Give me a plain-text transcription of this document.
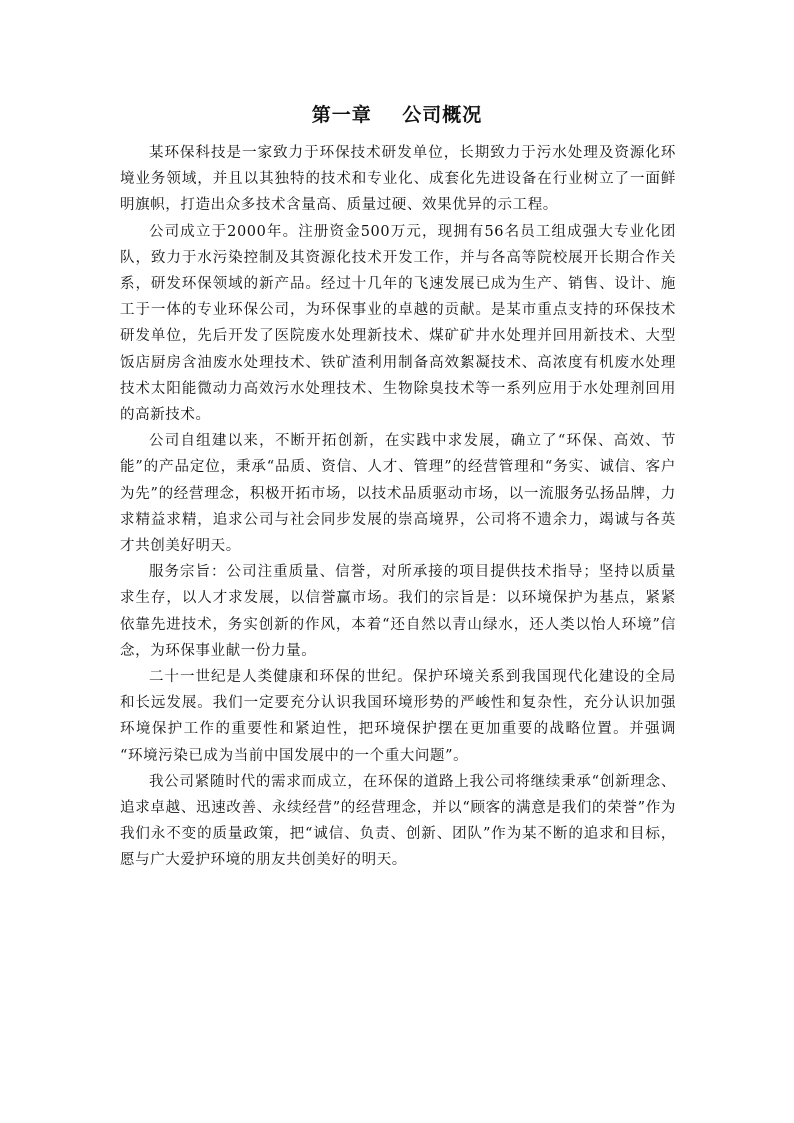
第一章    公司概况

某环保科技是一家致力于环保技术研发单位，长期致力于污水处理及资源化环境业务领域，并且以其独特的技术和专业化、成套化先进设备在行业树立了一面鲜明旗帜，打造出众多技术含量高、质量过硬、效果优异的示工程。

公司成立于2000年。注册资金500万元，现拥有56名员工组成强大专业化团队，致力于水污染控制及其资源化技术开发工作，并与各高等院校展开长期合作关系，研发环保领域的新产品。经过十几年的飞速发展已成为生产、销售、设计、施工于一体的专业环保公司，为环保事业的卓越的贡献。是某市重点支持的环保技术研发单位，先后开发了医院废水处理新技术、煤矿矿井水处理并回用新技术、大型饭店厨房含油废水处理技术、铁矿渣利用制备高效絮凝技术、高浓度有机废水处理技术太阳能微动力高效污水处理技术、生物除臭技术等一系列应用于水处理剂回用的高新技术。

公司自组建以来，不断开拓创新，在实践中求发展，确立了“环保、高效、节能”的产品定位，秉承“品质、资信、人才、管理”的经营管理和“务实、诚信、客户为先”的经营理念，积极开拓市场，以技术品质驱动市场，以一流服务弘扬品牌，力求精益求精，追求公司与社会同步发展的崇高境界，公司将不遗余力，竭诚与各英才共创美好明天。

服务宗旨：公司注重质量、信誉，对所承接的项目提供技术指导；坚持以质量求生存，以人才求发展，以信誉赢市场。我们的宗旨是：以环境保护为基点，紧紧依靠先进技术，务实创新的作风，本着“还自然以青山绿水，还人类以怡人环境”信念，为环保事业献一份力量。

二十一世纪是人类健康和环保的世纪。保护环境关系到我国现代化建设的全局和长远发展。我们一定要充分认识我国环境形势的严峻性和复杂性，充分认识加强环境保护工作的重要性和紧迫性，把环境保护摆在更加重要的战略位置。并强调 “环境污染已成为当前中国发展中的一个重大问题”。

我公司紧随时代的需求而成立，在环保的道路上我公司将继续秉承“创新理念、追求卓越、迅速改善、永续经营”的经营理念，并以“顾客的满意是我们的荣誉”作为我们永不变的质量政策，把“诚信、负责、创新、团队”作为某不断的追求和目标，愿与广大爱护环境的朋友共创美好的明天。
